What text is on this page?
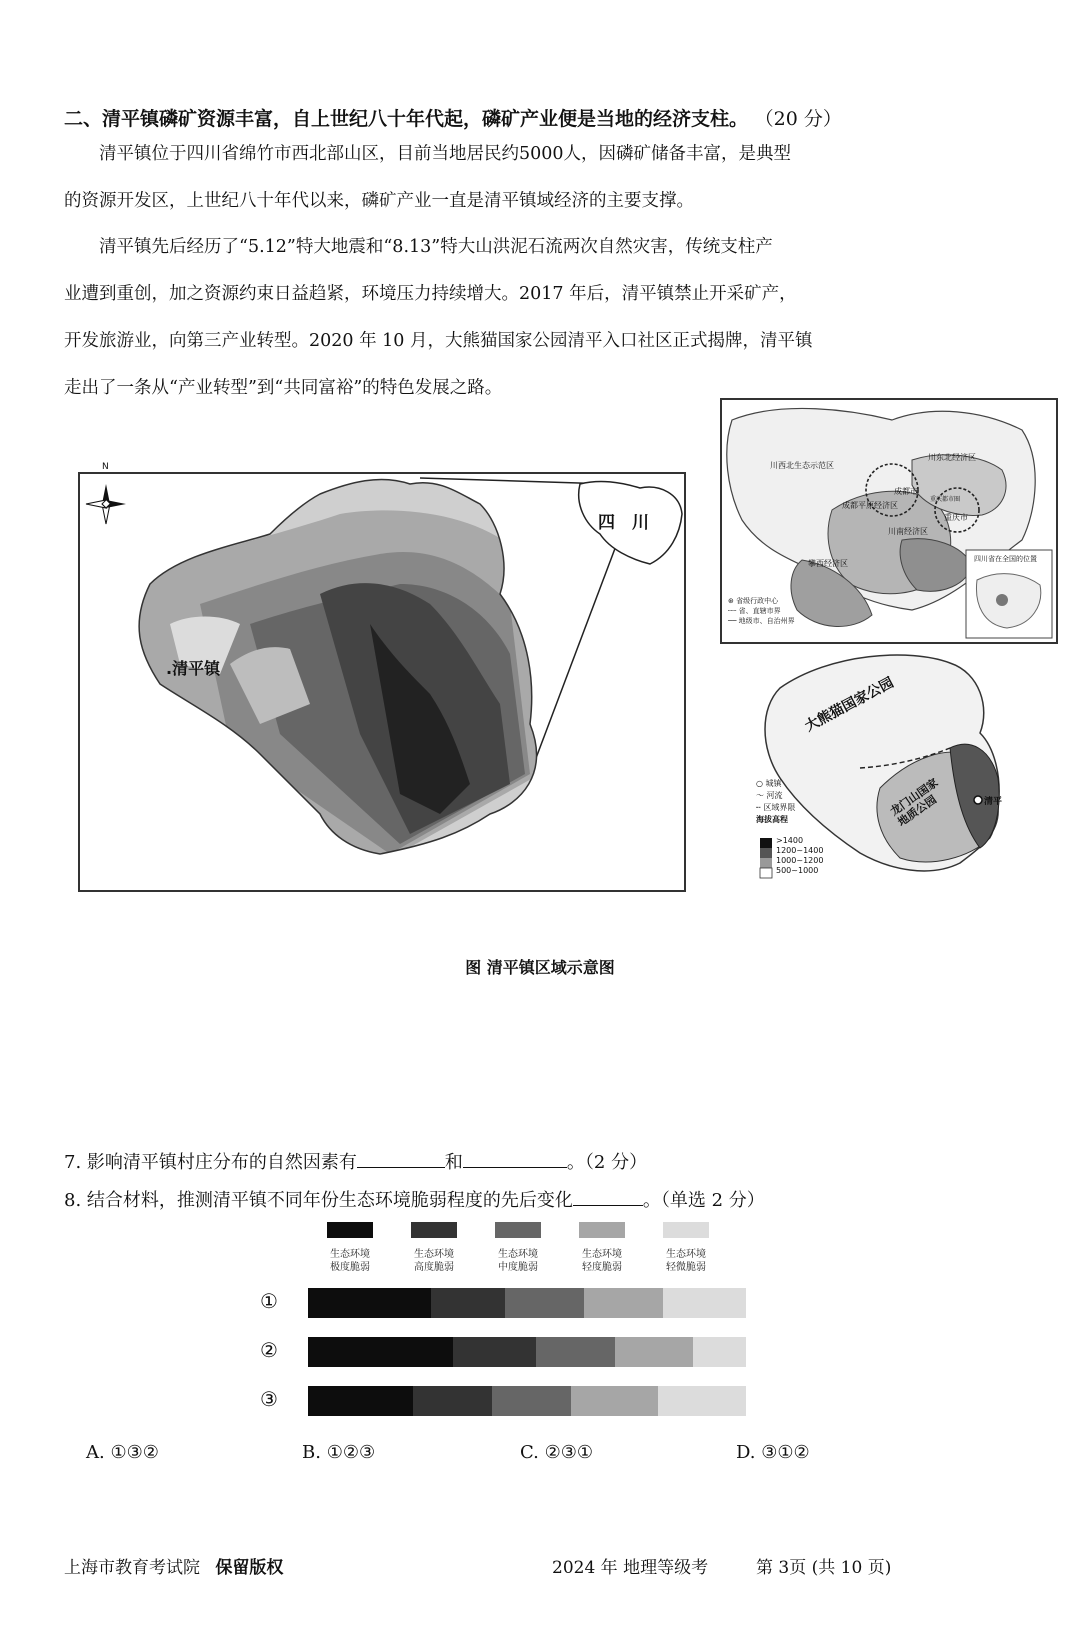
二、清平镇磷矿资源丰富，自上世纪八十年代起，磷矿产业便是当地的经济支柱。 （20 分）
清平镇位于四川省绵竹市西北部山区，目前当地居民约5000人，因磷矿储备丰富，是典型
的资源开发区，上世纪八十年代以来，磷矿产业一直是清平镇域经济的主要支撑。
清平镇先后经历了“5.12”特大地震和“8.13”特大山洪泥石流两次自然灾害，传统支柱产
业遭到重创，加之资源约束日益趋紧，环境压力持续增大。2017 年后，清平镇禁止开采矿产，
开发旅游业，向第三产业转型。2020 年 10 月，大熊猫国家公园清平入口社区正式揭牌，清平镇
走出了一条从“产业转型”到“共同富裕”的特色发展之路。
N
.清平镇
四　川
川西北生态示范区
川东北经济区
成都市
成都平原经济区
重庆市
川南经济区
攀西经济区
重庆都市圈
四川省在全国的位置
⊛ 省级行政中心
┄┄ 省、直辖市界
── 地级市、自治州界
大熊猫国家公园
龙门山国家地质公园	清平
○ 城镇
〜 河流
╌ 区域界限
海拔高程
>1400
1200~1400
1000~1200
500~1000
图 清平镇区域示意图
7. 影响清平镇村庄分布的自然因素有	和	。（2 分）
8. 结合材料，推测清平镇不同年份生态环境脆弱程度的先后变化	。（单选 2 分）
生态环境
极度脆弱
生态环境
高度脆弱
生态环境
中度脆弱
生态环境
轻度脆弱
生态环境
轻微脆弱
①
②
③
A. ①③②	B. ①②③	C. ②③①	D. ③①②
上海市教育考试院 保留版权	2024 年 地理等级考	第 3页 (共 10 页)
